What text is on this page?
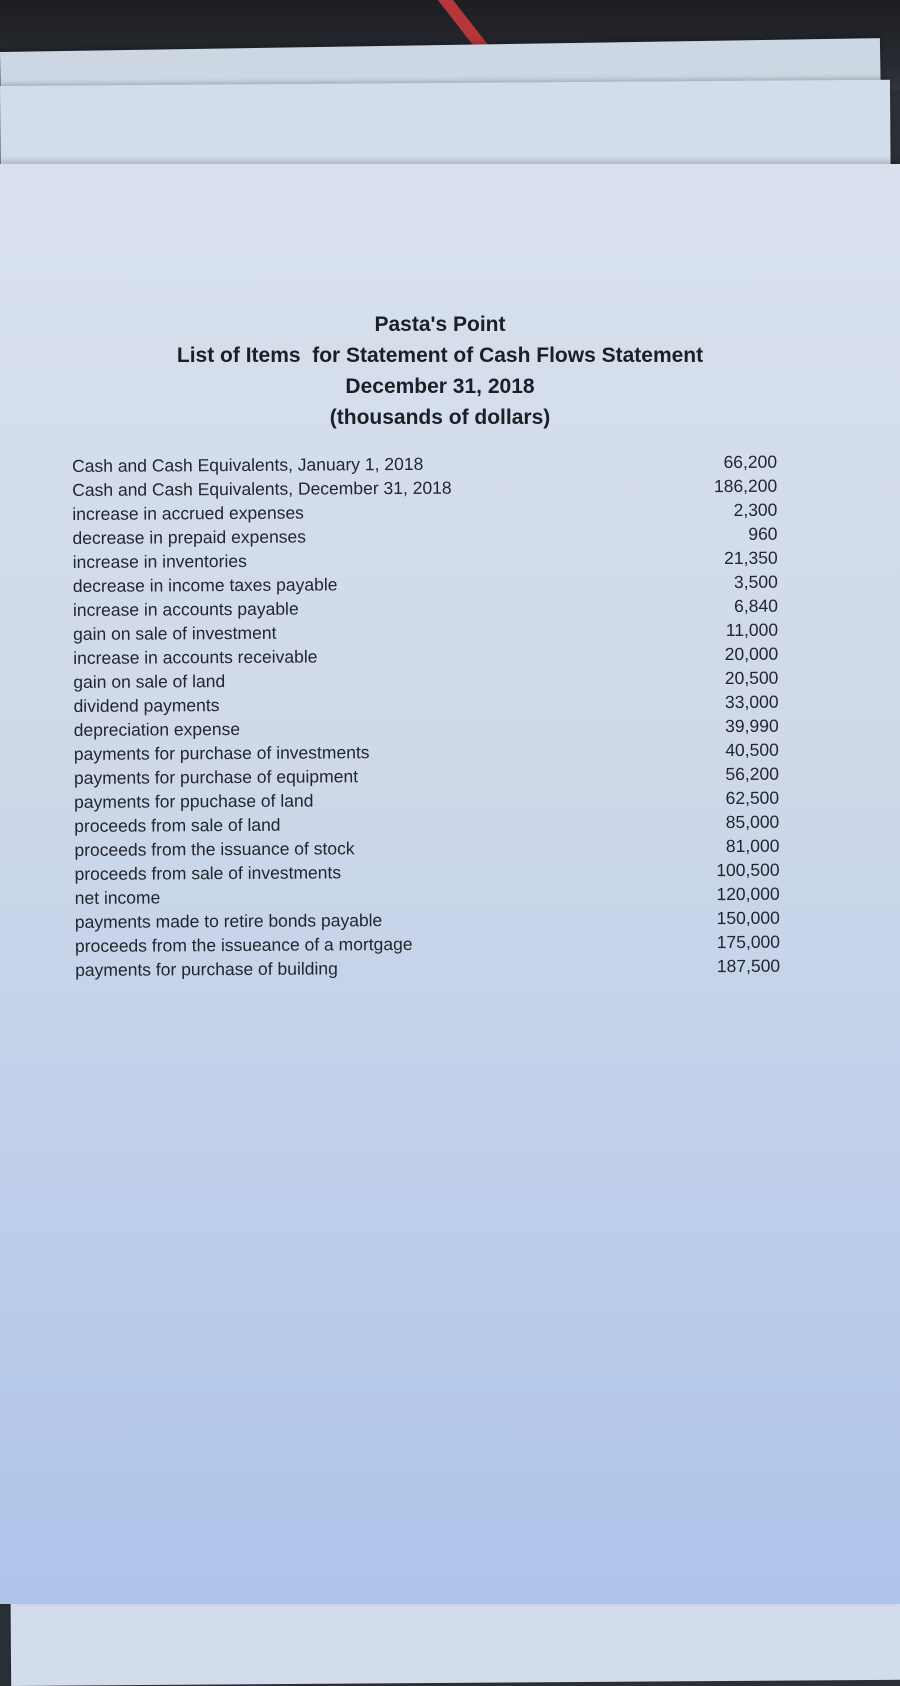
Pasta's Point
List of Items  for Statement of Cash Flows Statement
December 31, 2018
(thousands of dollars)
Cash and Cash Equivalents, January 1, 2018	66,200
Cash and Cash Equivalents, December 31, 2018	186,200
increase in accrued expenses	2,300
decrease in prepaid expenses	960
increase in inventories	21,350
decrease in income taxes payable	3,500
increase in accounts payable	6,840
gain on sale of investment	11,000
increase in accounts receivable	20,000
gain on sale of land	20,500
dividend payments	33,000
depreciation expense	39,990
payments for purchase of investments	40,500
payments for purchase of equipment	56,200
payments for ppuchase of land	62,500
proceeds from sale of land	85,000
proceeds from the issuance of stock	81,000
proceeds from sale of investments	100,500
net income	120,000
payments made to retire bonds payable	150,000
proceeds from the issueance of a mortgage	175,000
payments for purchase of building	187,500
